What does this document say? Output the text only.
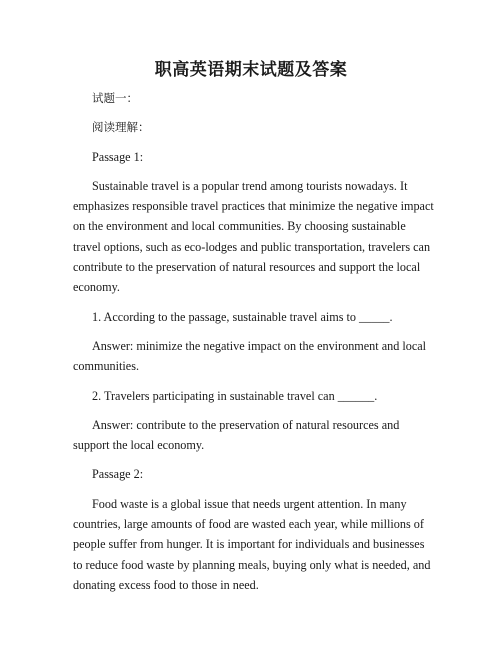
职高英语期末试题及答案

试题一：

阅读理解：

Passage 1:

Sustainable travel is a popular trend among tourists nowadays. It emphasizes responsible travel practices that minimize the negative impact on the environment and local communities. By choosing sustainable travel options, such as eco-lodges and public transportation, travelers can contribute to the preservation of natural resources and support the local economy.

1. According to the passage, sustainable travel aims to _____.

Answer: minimize the negative impact on the environment and local communities.

2. Travelers participating in sustainable travel can ______.

Answer: contribute to the preservation of natural resources and support the local economy.

Passage 2:

Food waste is a global issue that needs urgent attention. In many countries, large amounts of food are wasted each year, while millions of people suffer from hunger. It is important for individuals and businesses to reduce food waste by planning meals, buying only what is needed, and donating excess food to those in need.
